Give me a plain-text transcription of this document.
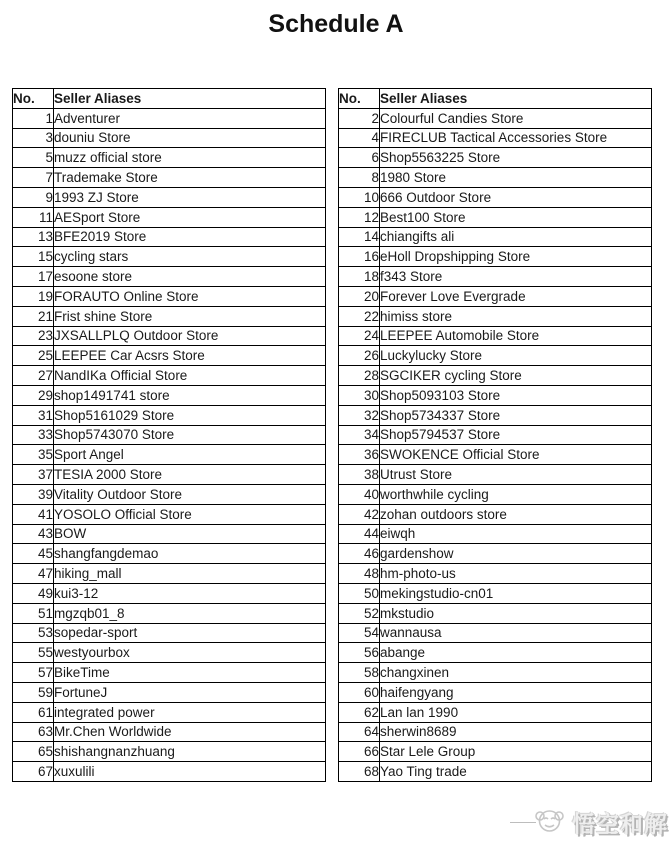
Schedule A
No.	Seller Aliases
1	Adventurer
3	douniu Store
5	muzz official store
7	Trademake Store
9	1993 ZJ Store
11	AESport Store
13	BFE2019 Store
15	cycling stars
17	esoone store
19	FORAUTO Online Store
21	Frist shine Store
23	JXSALLPLQ Outdoor Store
25	LEEPEE Car Acsrs Store
27	NandIKa Official Store
29	shop1491741 store
31	Shop5161029 Store
33	Shop5743070 Store
35	Sport Angel
37	TESIA 2000 Store
39	Vitality Outdoor Store
41	YOSOLO Official Store
43	BOW
45	shangfangdemao
47	hiking_mall
49	kui3-12
51	mgzqb01_8
53	sopedar-sport
55	westyourbox
57	BikeTime
59	FortuneJ
61	integrated power
63	Mr.Chen Worldwide
65	shishangnanzhuang
67	xuxulili
No.	Seller Aliases
2	Colourful Candies Store
4	FIRECLUB Tactical Accessories Store
6	Shop5563225 Store
8	1980 Store
10	666 Outdoor Store
12	Best100 Store
14	chiangifts ali
16	eHoll Dropshipping Store
18	f343 Store
20	Forever Love Evergrade
22	himiss store
24	LEEPEE Automobile Store
26	Luckylucky Store
28	SGCIKER cycling Store
30	Shop5093103 Store
32	Shop5734337 Store
34	Shop5794537 Store
36	SWOKENCE Official Store
38	Utrust Store
40	worthwhile cycling
42	zohan outdoors store
44	eiwqh
46	gardenshow
48	hm-photo-us
50	mekingstudio-cn01
52	mkstudio
54	wannausa
56	abange
58	changxinen
60	haifengyang
62	Lan lan 1990
64	sherwin8689
66	Star Lele Group
68	Yao Ting trade
悟空和解
